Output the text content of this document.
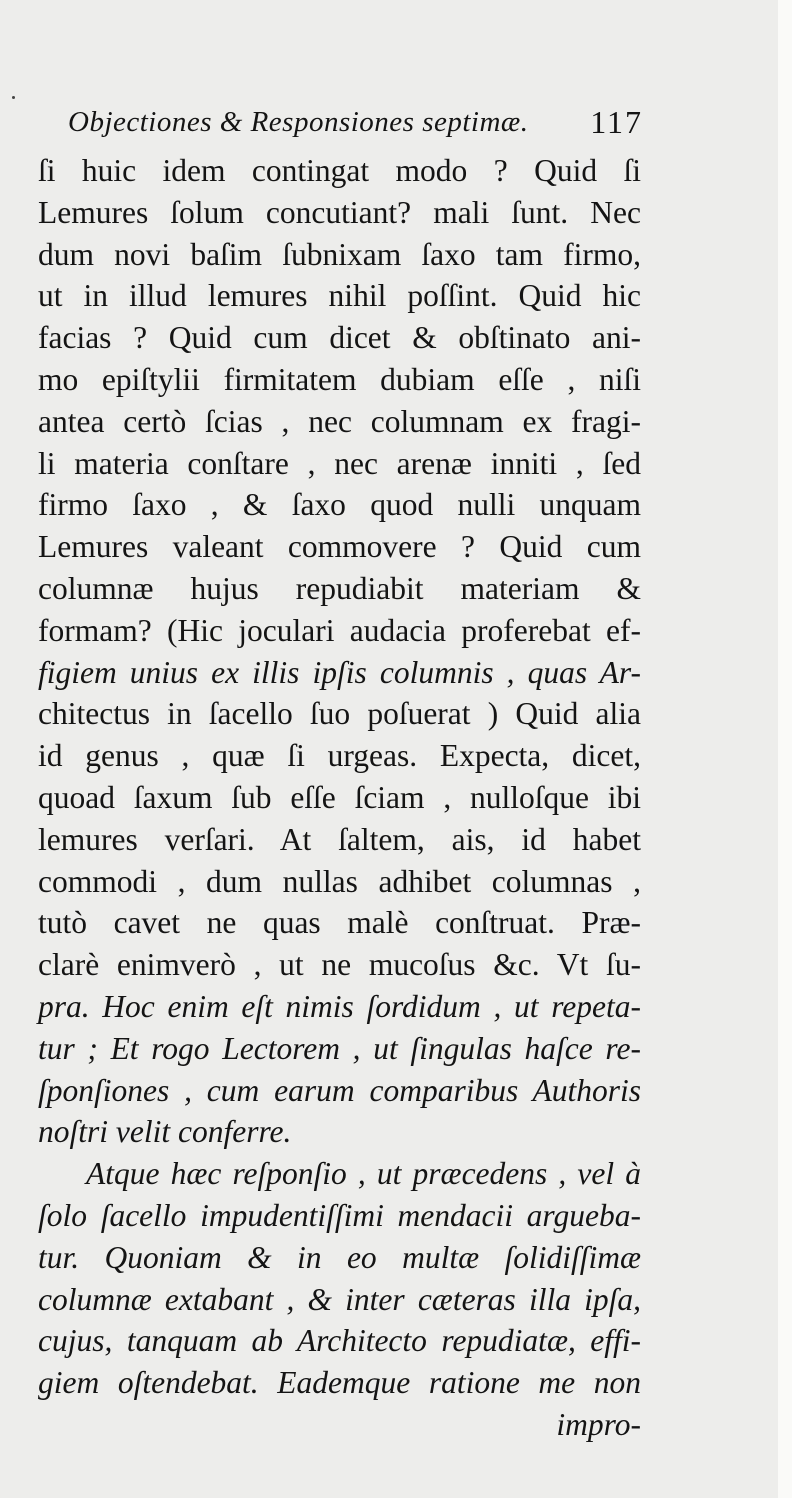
Objectiones & Responsiones septimæ. 117
ſi huic idem contingat modo ? Quid ſi
Lemures ſolum concutiant? mali ſunt. Nec
dum novi baſim ſubnixam ſaxo tam firmo,
ut in illud lemures nihil poſſint. Quid hic
facias ? Quid cum dicet & obſtinato ani-
mo epiſtylii firmitatem dubiam eſſe , niſi
antea certò ſcias , nec columnam ex fragi-
li materia conſtare , nec arenæ inniti , ſed
firmo ſaxo , & ſaxo quod nulli unquam
Lemures valeant commovere ? Quid cum
columnæ hujus repudiabit materiam &
formam? (Hic joculari audacia proferebat ef-
figiem unius ex illis ipſis columnis , quas Ar-
chitectus in ſacello ſuo poſuerat ) Quid alia
id genus , quæ ſi urgeas. Expecta, dicet,
quoad ſaxum ſub eſſe ſciam , nulloſque ibi
lemures verſari. At ſaltem, ais, id habet
commodi , dum nullas adhibet columnas ,
tutò cavet ne quas malè conſtruat. Præ-
clarè enimverò , ut ne mucoſus &c. Vt ſu-
pra. Hoc enim eſt nimis ſordidum , ut repeta-
tur ; Et rogo Lectorem , ut ſingulas haſce re-
ſponſiones , cum earum comparibus Authoris
noſtri velit conferre.
Atque hæc reſponſio , ut præcedens , vel à
ſolo ſacello impudentiſſimi mendacii argueba-
tur. Quoniam & in eo multæ ſolidiſſimæ
columnæ extabant , & inter cæteras illa ipſa,
cujus, tanquam ab Architecto repudiatæ, effi-
giem oſtendebat. Eademque ratione me non
impro-
